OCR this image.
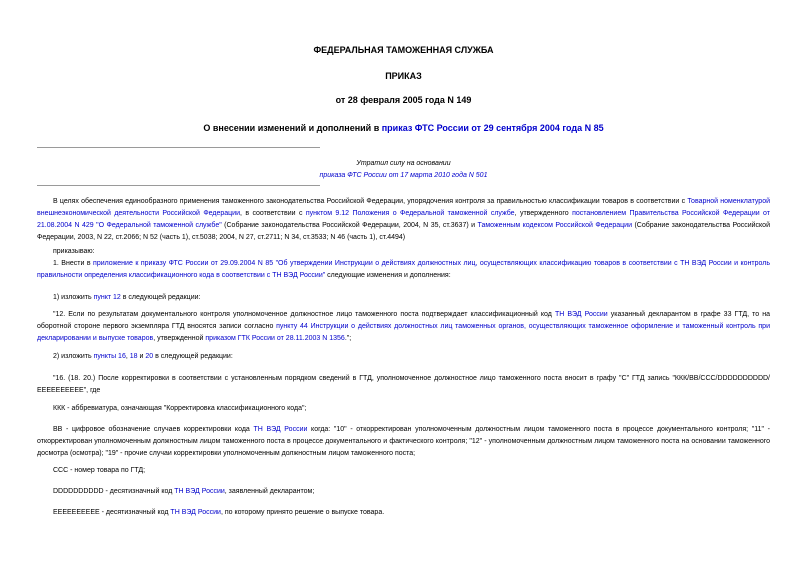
ФЕДЕРАЛЬНАЯ ТАМОЖЕННАЯ СЛУЖБА
ПРИКАЗ
от 28 февраля 2005 года N 149
О внесении изменений и дополнений в приказ ФТС России от 29 сентября 2004 года N 85
Утратил силу на основании
приказа ФТС России от 17 марта 2010 года N 501
В целях обеспечения единообразного применения таможенного законодательства Российской Федерации, упорядочения контроля за правильностью классификации товаров в соответствии с Товарной номенклатурой внешнеэкономической деятельности Российской Федерации, в соответствии с пунктом 9.12 Положения о Федеральной таможенной службе, утвержденного постановлением Правительства Российской Федерации от 21.08.2004 N 429 "О Федеральной таможенной службе" (Собрание законодательства Российской Федерации, 2004, N 35, ст.3637) и Таможенным кодексом Российской Федерации (Собрание законодательства Российской Федерации, 2003, N 22, ст.2066; N 52 (часть 1), ст.5038; 2004, N 27, ст.2711; N 34, ст.3533; N 46 (часть 1), ст.4494)
приказываю:
1. Внести в приложение к приказу ФТС России от 29.09.2004 N 85 "Об утверждении Инструкции о действиях должностных лиц, осуществляющих классификацию товаров в соответствии с ТН ВЭД России и контроль правильности определения классификационного кода в соответствии с ТН ВЭД России" следующие изменения и дополнения:
1) изложить пункт 12 в следующей редакции:
"12. Если по результатам документального контроля уполномоченное должностное лицо таможенного поста подтверждает классификационный код ТН ВЭД России указанный декларантом в графе 33 ГТД, то на оборотной стороне первого экземпляра ГТД вносятся записи согласно пункту 44 Инструкции о действиях должностных лиц таможенных органов, осуществляющих таможенное оформление и таможенный контроль при декларировании и выпуске товаров, утвержденной приказом ГТК России от 28.11.2003 N 1356.";
2) изложить пункты 16, 18 и 20 в следующей редакции:
"16. (18. 20.) После корректировки в соответствии с установленным порядком сведений в ГТД, уполномоченное должностное лицо таможенного поста вносит в графу "С" ГТД запись "ККК/ВВ/ССС/DDDDDDDDDD/ЕЕЕЕЕЕЕЕЕЕ", где
ККК - аббревиатура, означающая "Корректировка классификационного кода";
ВВ - цифровое обозначение случаев корректировки кода ТН ВЭД России когда: "10" - откорректирован уполномоченным должностным лицом таможенного поста в процессе документального контроля; "11" - откорректирован уполномоченным должностным лицом таможенного поста в процессе документального и фактического контроля; "12" - уполномоченным должностным лицом таможенного поста на основании таможенного досмотра (осмотра); "19" - прочие случаи корректировки уполномоченным должностным лицом таможенного поста;
ССС - номер товара по ГТД;
DDDDDDDDDD - десятизначный код ТН ВЭД России, заявленный декларантом;
ЕЕЕЕЕЕЕЕЕЕ - десятизначный код ТН ВЭД России, по которому принято решение о выпуске товара.
